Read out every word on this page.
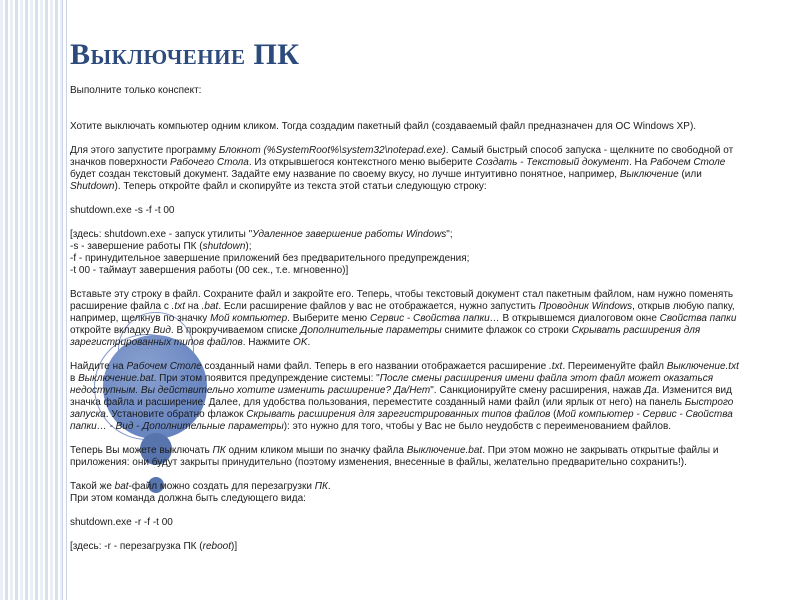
Выключение ПК

Выполните только конспект:

Хотите выключать компьютер одним кликом. Тогда создадим пакетный файл (создаваемый файл предназначен для ОС Windows XP).

Для этого запустите программу Блокнот (%SystemRoot%\system32\notepad.exe). Самый быстрый способ запуска - щелкните по свободной от значков поверхности Рабочего Стола. Из открывшегося контекстного меню выберите Создать - Текстовый документ. На Рабочем Столе будет создан текстовый документ. Задайте ему название по своему вкусу, но лучше интуитивно понятное, например, Выключение (или Shutdown). Теперь откройте файл и скопируйте из текста этой статьи следующую строку:

shutdown.exe -s -f -t 00

[здесь: shutdown.exe - запуск утилиты "Удаленное завершение работы Windows";

-s - завершение работы ПК (shutdown);

-f - принудительное завершение приложений без предварительного предупреждения;

-t 00 - таймаут завершения работы (00 сек., т.е. мгновенно)]

Вставьте эту строку в файл. Сохраните файл и закройте его. Теперь, чтобы текстовый документ стал пакетным файлом, нам нужно поменять расширение файла с .txt на .bat. Если расширение файлов у вас не отображается, нужно запустить Проводник Windows, открыв любую папку, например, щелкнув по значку Мой компьютер. Выберите меню Сервис - Свойства папки… В открывшемся диалоговом окне Свойства папки откройте вкладку Вид. В прокручиваемом списке Дополнительные параметры снимите флажок со строки Скрывать расширения для зарегистрированных типов файлов. Нажмите OK.

Найдите на Рабочем Столе созданный нами файл. Теперь в его названии отображается расширение .txt. Переименуйте файл Выключение.txt в Выключение.bat. При этом появится предупреждение системы: "После смены расширения имени файла этот файл может оказаться недоступным. Вы действительно хотите изменить расширение? Да/Нет". Санкционируйте смену расширения, нажав Да. Изменится вид значка файла и расширение. Далее, для удобства пользования, переместите созданный нами файл (или ярлык от него) на панель Быстрого запуска. Установите обратно флажок Скрывать расширения для зарегистрированных типов файлов (Мой компьютер - Сервис - Свойства папки… - Вид - Дополнительные параметры): это нужно для того, чтобы у Вас не было неудобств с переименованием файлов.

Теперь Вы можете выключать ПК одним кликом мыши по значку файла Выключение.bat. При этом можно не закрывать открытые файлы и приложения: они будут закрыты принудительно (поэтому изменения, внесенные в файлы, желательно предварительно сохранить!).

Такой же bat-файл можно создать для перезагрузки ПК.

При этом команда должна быть следующего вида:

shutdown.exe -r -f -t 00

[здесь: -r - перезагрузка ПК (reboot)]
